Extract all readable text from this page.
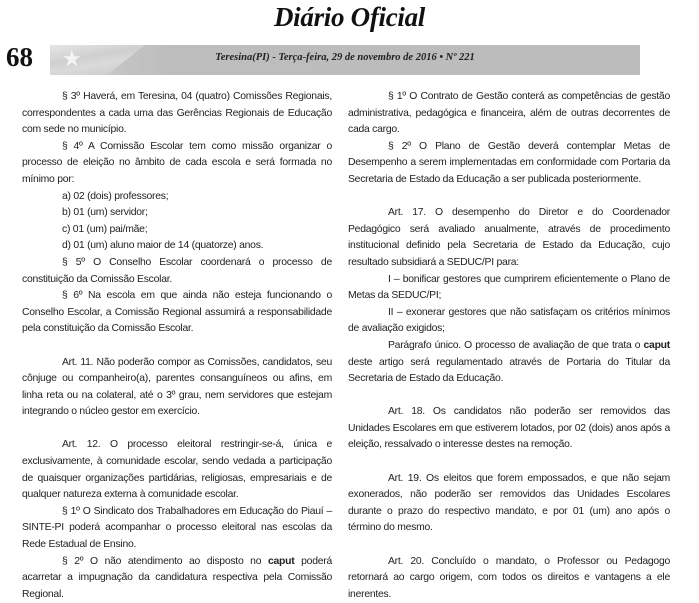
Diário Oficial
68 ★	Teresina(PI) - Terça-feira, 29 de novembro de 2016 • Nº 221

§ 3º Haverá, em Teresina, 04 (quatro) Comissões Regionais, correspondentes a cada uma das Gerências Regionais de Educação com sede no município.

§ 4º A Comissão Escolar tem como missão organizar o processo de eleição no âmbito de cada escola e será formada no mínimo por:

a) 02 (dois) professores;

b) 01 (um) servidor;

c) 01 (um) pai/mãe;

d) 01 (um) aluno maior de 14 (quatorze) anos.

§ 5º O Conselho Escolar coordenará o processo de constituição da Comissão Escolar.

§ 6º Na escola em que ainda não esteja funcionando o Conselho Escolar, a Comissão Regional assumirá a responsabilidade pela constituição da Comissão Escolar.

Art. 11. Não poderão compor as Comissões, candidatos, seu cônjuge ou companheiro(a), parentes consanguíneos ou afins, em linha reta ou na colateral, até o 3º grau, nem servidores que estejam integrando o núcleo gestor em exercício.

Art. 12. O processo eleitoral restringir-se-á, única e exclusivamente, à comunidade escolar, sendo vedada a participação de quaisquer organizações partidárias, religiosas, empresariais e de qualquer natureza externa à comunidade escolar.

§ 1º O Sindicato dos Trabalhadores em Educação do Piauí – SINTE-PI poderá acompanhar o processo eleitoral nas escolas da Rede Estadual de Ensino.

§ 2º O não atendimento ao disposto no caput poderá acarretar a impugnação da candidatura respectiva pela Comissão Regional.

§ 1º O Contrato de Gestão conterá as competências de gestão administrativa, pedagógica e financeira, além de outras decorrentes de cada cargo.

§ 2º O Plano de Gestão deverá contemplar Metas de Desempenho a serem implementadas em conformidade com Portaria da Secretaria de Estado da Educação a ser publicada posteriormente.

Art. 17. O desempenho do Diretor e do Coordenador Pedagógico será avaliado anualmente, através de procedimento institucional definido pela Secretaria de Estado da Educação, cujo resultado subsidiará a SEDUC/PI para:

I – bonificar gestores que cumprirem eficientemente o Plano de Metas da SEDUC/PI;

II – exonerar gestores que não satisfaçam os critérios mínimos de avaliação exigidos;

Parágrafo único. O processo de avaliação de que trata o caput deste artigo será regulamentado através de Portaria do Titular da Secretaria de Estado da Educação.

Art. 18. Os candidatos não poderão ser removidos das Unidades Escolares em que estiverem lotados, por 02 (dois) anos após a eleição, ressalvado o interesse destes na remoção.

Art. 19. Os eleitos que forem empossados, e que não sejam exonerados, não poderão ser removidos das Unidades Escolares durante o prazo do respectivo mandato, e por 01 (um) ano após o término do mesmo.

Art. 20. Concluído o mandato, o Professor ou Pedagogo retornará ao cargo origem, com todos os direitos e vantagens a ele inerentes.
